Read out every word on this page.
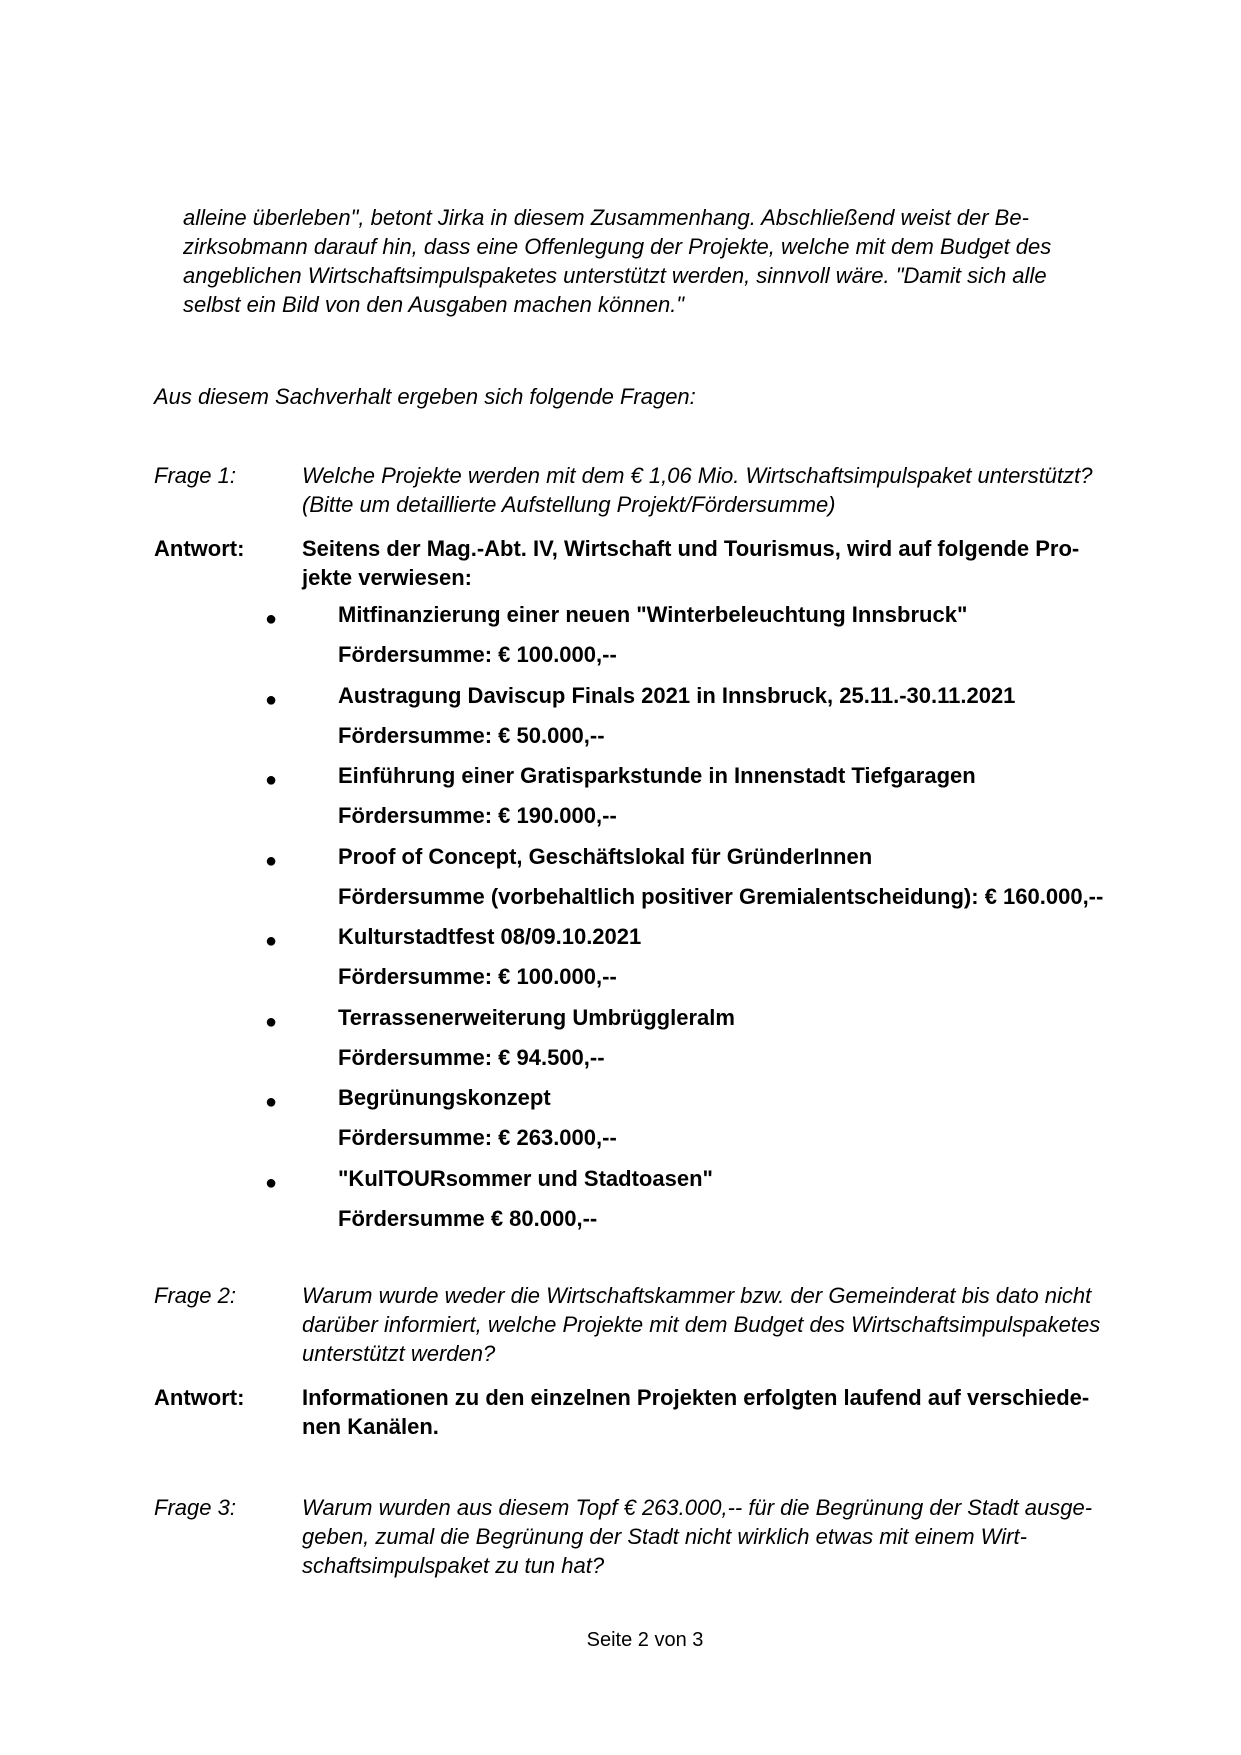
alleine überleben", betont Jirka in diesem Zusammenhang. Abschließend weist der Be-
zirksobmann darauf hin, dass eine Offenlegung der Projekte, welche mit dem Budget des
angeblichen Wirtschaftsimpulspaketes unterstützt werden, sinnvoll wäre. "Damit sich alle
selbst ein Bild von den Ausgaben machen können."
Aus diesem Sachverhalt ergeben sich folgende Fragen:
Frage 1:	Welche Projekte werden mit dem € 1,06 Mio. Wirtschaftsimpulspaket unterstützt?
(Bitte um detaillierte Aufstellung Projekt/Fördersumme)
Antwort:	Seitens der Mag.-Abt. IV, Wirtschaft und Tourismus, wird auf folgende Pro-
jekte verwiesen:
●	Mitfinanzierung einer neuen "Winterbeleuchtung Innsbruck"
Fördersumme: € 100.000,--
●	Austragung Daviscup Finals 2021 in Innsbruck, 25.11.-30.11.2021
Fördersumme: € 50.000,--
●	Einführung einer Gratisparkstunde in Innenstadt Tiefgaragen
Fördersumme: € 190.000,--
●	Proof of Concept, Geschäftslokal für GründerInnen
Fördersumme (vorbehaltlich positiver Gremialentscheidung): € 160.000,--
●	Kulturstadtfest 08/09.10.2021
Fördersumme: € 100.000,--
●	Terrassenerweiterung Umbrüggleralm
Fördersumme: € 94.500,--
●	Begrünungskonzept
Fördersumme: € 263.000,--
●	"KulTOURsommer und Stadtoasen"
Fördersumme € 80.000,--
Frage 2:	Warum wurde weder die Wirtschaftskammer bzw. der Gemeinderat bis dato nicht
darüber informiert, welche Projekte mit dem Budget des Wirtschaftsimpulspaketes
unterstützt werden?
Antwort:	Informationen zu den einzelnen Projekten erfolgten laufend auf verschiede-
nen Kanälen.
Frage 3:	Warum wurden aus diesem Topf € 263.000,-- für die Begrünung der Stadt ausge-
geben, zumal die Begrünung der Stadt nicht wirklich etwas mit einem Wirt-
schaftsimpulspaket zu tun hat?
Seite 2 von 3
